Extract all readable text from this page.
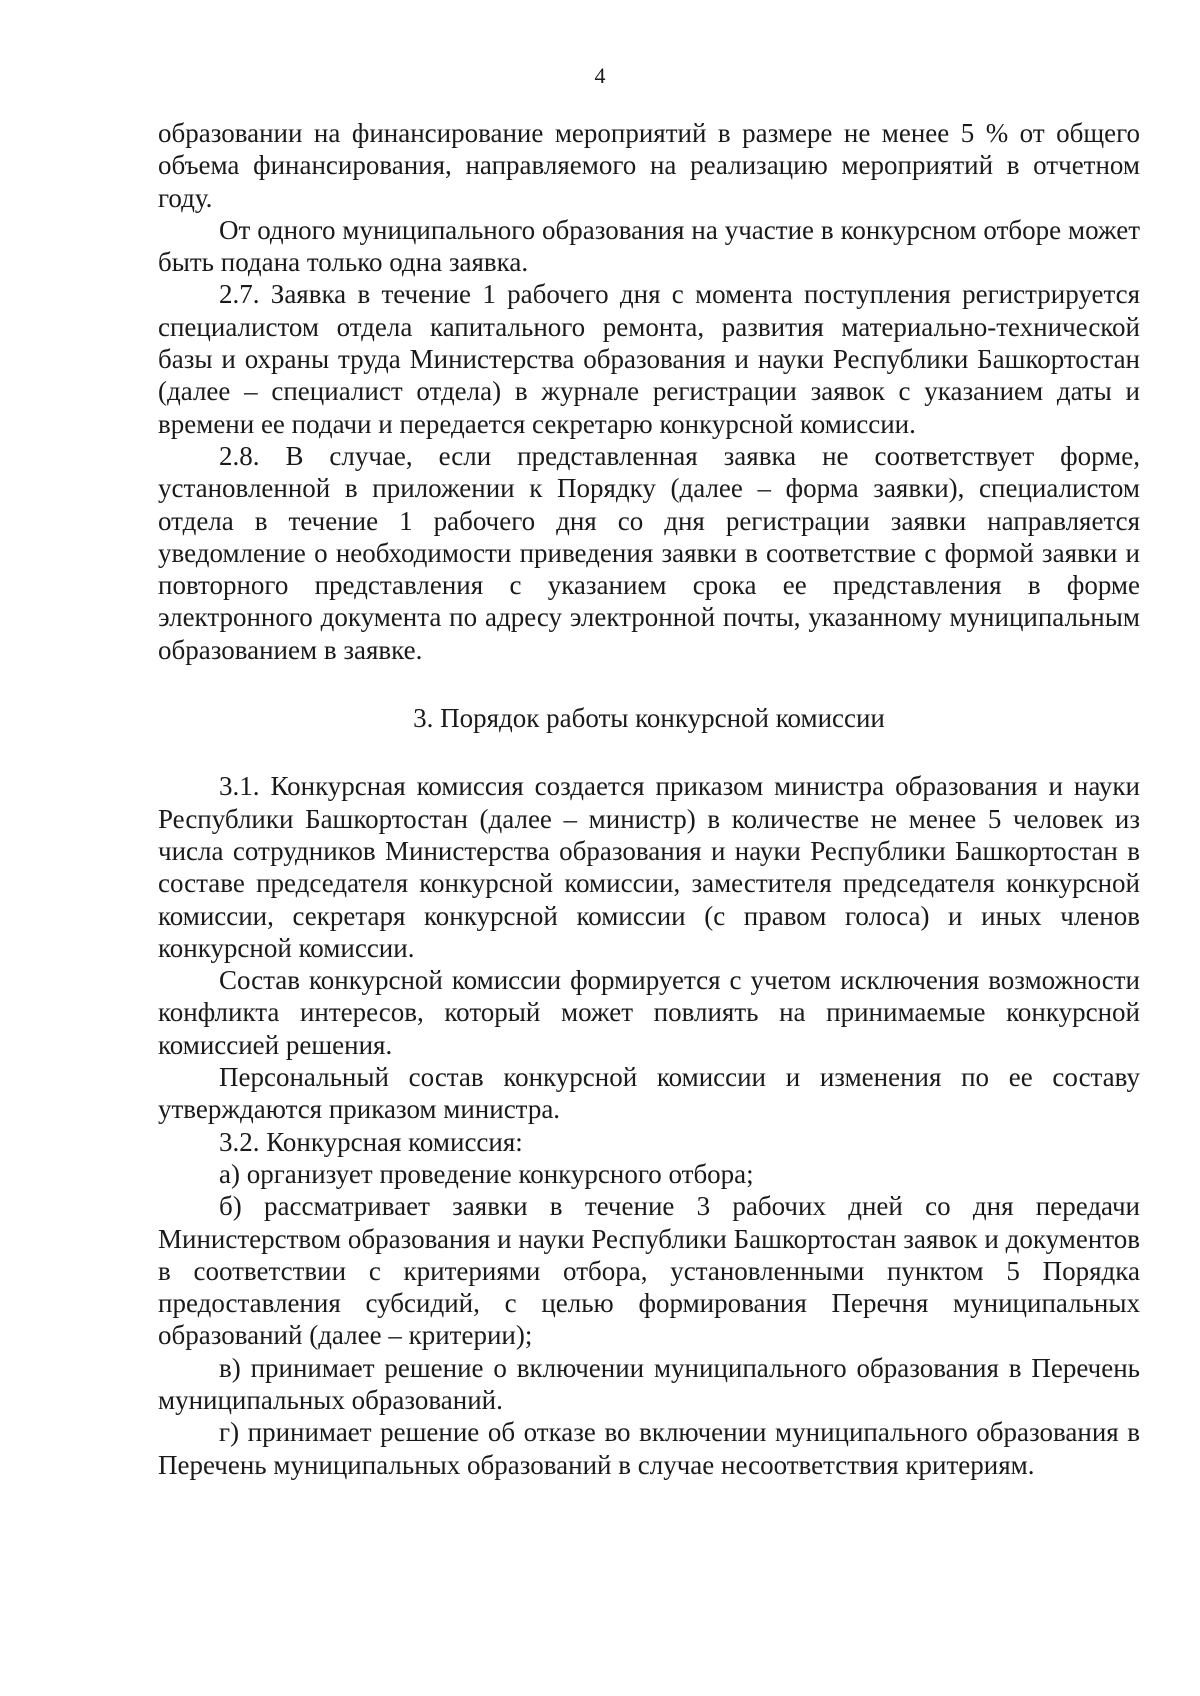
4

образовании на финансирование мероприятий в размере не менее 5 % от общего объема финансирования, направляемого на реализацию мероприятий в отчетном году.

От одного муниципального образования на участие в конкурсном отборе может быть подана только одна заявка.

2.7. Заявка в течение 1 рабочего дня с момента поступления регистрируется специалистом отдела капитального ремонта, развития материально-технической базы и охраны труда Министерства образования и науки Республики Башкортостан (далее – специалист отдела) в журнале регистрации заявок с указанием даты и времени ее подачи и передается секретарю конкурсной комиссии.

2.8. В случае, если представленная заявка не соответствует форме, установленной в приложении к Порядку (далее – форма заявки), специалистом отдела в течение 1 рабочего дня со дня регистрации заявки направляется уведомление о необходимости приведения заявки в соответствие с формой заявки и повторного представления с указанием срока ее представления в форме электронного документа по адресу электронной почты, указанному муниципальным образованием в заявке.

3. Порядок работы конкурсной комиссии

3.1. Конкурсная комиссия создается приказом министра образования и науки Республики Башкортостан (далее – министр) в количестве не менее 5 человек из числа сотрудников Министерства образования и науки Республики Башкортостан в составе председателя конкурсной комиссии, заместителя председателя конкурсной комиссии, секретаря конкурсной комиссии (с правом голоса) и иных членов конкурсной комиссии.

Состав конкурсной комиссии формируется с учетом исключения возможности конфликта интересов, который может повлиять на принимаемые конкурсной комиссией решения.

Персональный состав конкурсной комиссии и изменения по ее составу утверждаются приказом министра.

3.2. Конкурсная комиссия:

а) организует проведение конкурсного отбора;

б) рассматривает заявки в течение 3 рабочих дней со дня передачи Министерством образования и науки Республики Башкортостан заявок и документов в соответствии с критериями отбора, установленными пунктом 5 Порядка предоставления субсидий, с целью формирования Перечня муниципальных образований (далее – критерии);

в) принимает решение о включении муниципального образования в Перечень муниципальных образований.

г) принимает решение об отказе во включении муниципального образования в Перечень муниципальных образований в случае несоответствия критериям.
